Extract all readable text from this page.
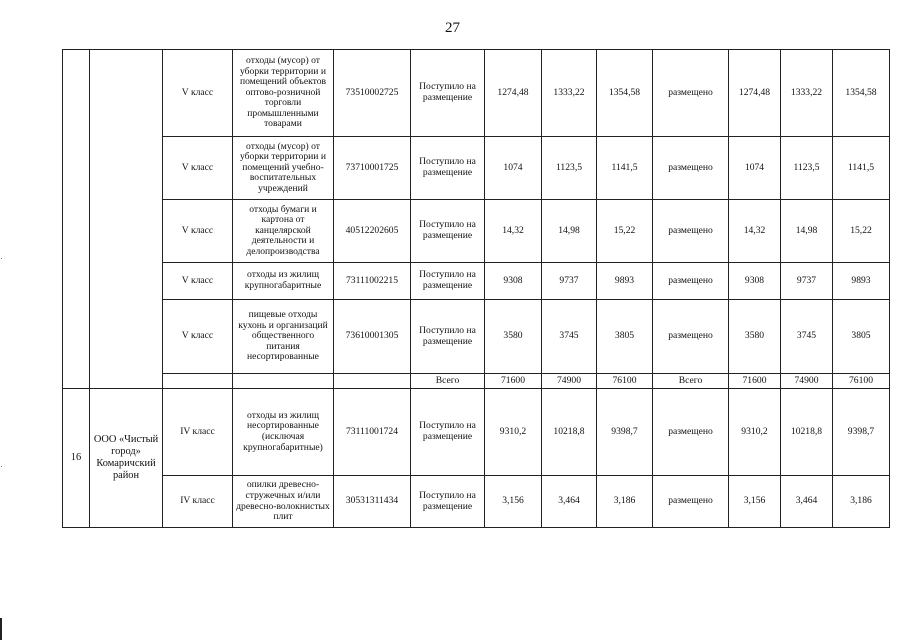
27
		V класс	отходы (мусор) от уборки территории и помещений объектов оптово-розничной торговли промышленными товарами	73510002725	Поступило на размещение	1274,48	1333,22	1354,58	размещено	1274,48	1333,22	1354,58
		V класс	отходы (мусор) от уборки территории и помещений учебно-воспитательных учреждений	73710001725	Поступило на размещение	1074	1123,5	1141,5	размещено	1074	1123,5	1141,5
		V класс	отходы бумаги и картона от канцелярской деятельности и делопроизводства	40512202605	Поступило на размещение	14,32	14,98	15,22	размещено	14,32	14,98	15,22
		V класс	отходы из жилищ крупногабаритные	73111002215	Поступило на размещение	9308	9737	9893	размещено	9308	9737	9893
		V класс	пищевые отходы кухонь и организаций общественного питания несортированные	73610001305	Поступило на размещение	3580	3745	3805	размещено	3580	3745	3805
					Всего	71600	74900	76100	Всего	71600	74900	76100
16	ООО «Чистый город» Комаричский район	IV класс	отходы из жилищ несортированные (исключая крупногабаритные)	73111001724	Поступило на размещение	9310,2	10218,8	9398,7	размещено	9310,2	10218,8	9398,7
		IV класс	опилки древесно-стружечных и/или древесно-волокнистых плит	30531311434	Поступило на размещение	3,156	3,464	3,186	размещено	3,156	3,464	3,186
